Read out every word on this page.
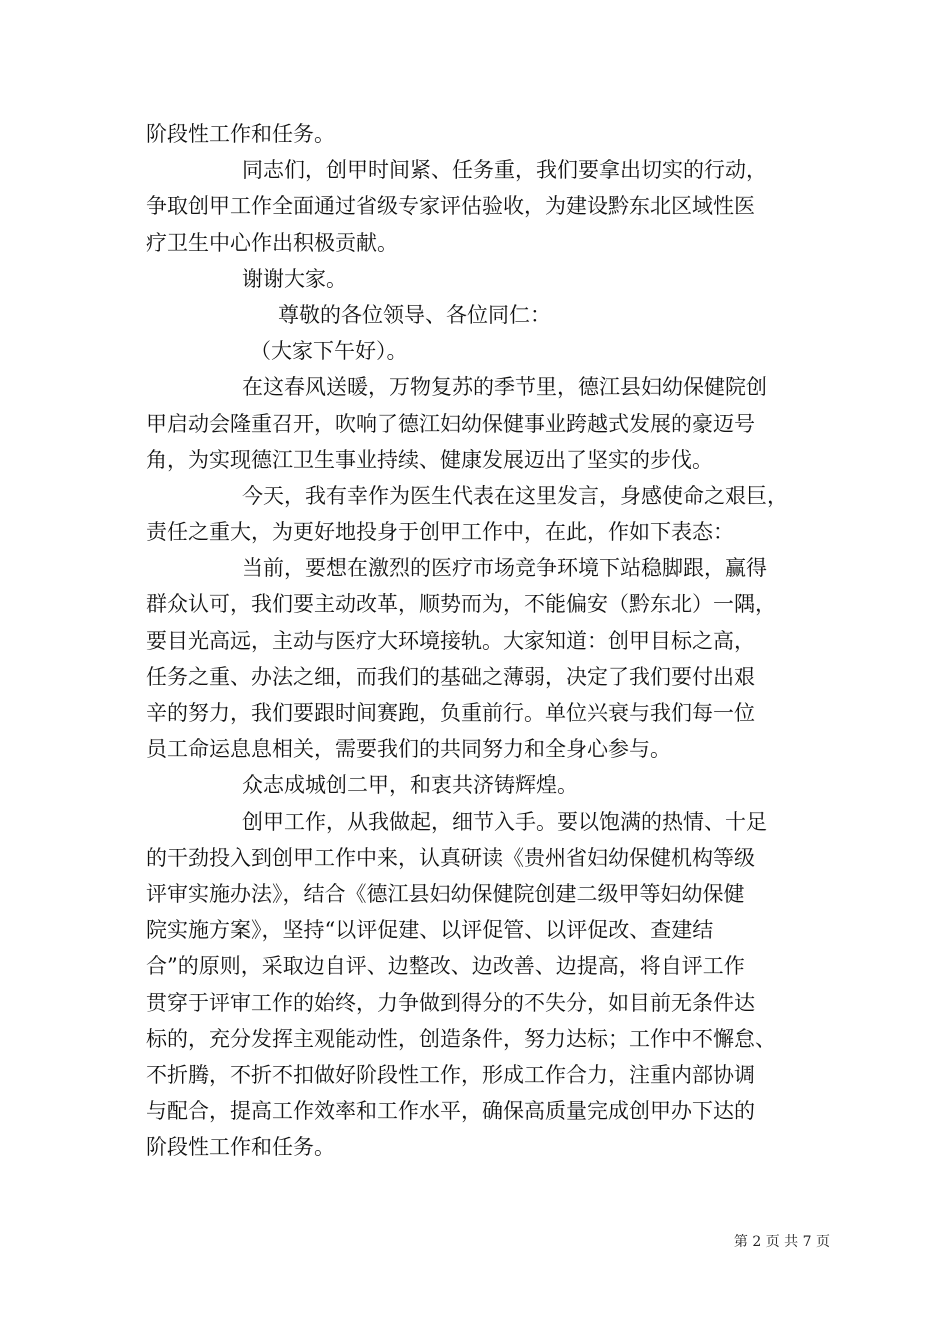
阶段性工作和任务。
同志们，创甲时间紧、任务重，我们要拿出切实的行动，
争取创甲工作全面通过省级专家评估验收，为建设黔东北区域性医
疗卫生中心作出积极贡献。
谢谢大家。
尊敬的各位领导、各位同仁：
（大家下午好）。
在这春风送暖，万物复苏的季节里，德江县妇幼保健院创
甲启动会隆重召开，吹响了德江妇幼保健事业跨越式发展的豪迈号
角，为实现德江卫生事业持续、健康发展迈出了坚实的步伐。
今天，我有幸作为医生代表在这里发言，身感使命之艰巨，
责任之重大，为更好地投身于创甲工作中，在此，作如下表态：
当前，要想在激烈的医疗市场竞争环境下站稳脚跟，赢得
群众认可，我们要主动改革，顺势而为，不能偏安（黔东北）一隅，
要目光高远，主动与医疗大环境接轨。大家知道：创甲目标之高，
任务之重、办法之细，而我们的基础之薄弱，决定了我们要付出艰
辛的努力，我们要跟时间赛跑，负重前行。单位兴衰与我们每一位
员工命运息息相关，需要我们的共同努力和全身心参与。
众志成城创二甲，和衷共济铸辉煌。
创甲工作，从我做起，细节入手。要以饱满的热情、十足
的干劲投入到创甲工作中来，认真研读《贵州省妇幼保健机构等级
评审实施办法》，结合《德江县妇幼保健院创建二级甲等妇幼保健
院实施方案》，坚持“以评促建、以评促管、以评促改、查建结
合”的原则，采取边自评、边整改、边改善、边提高，将自评工作
贯穿于评审工作的始终，力争做到得分的不失分，如目前无条件达
标的，充分发挥主观能动性，创造条件，努力达标；工作中不懈怠、
不折腾，不折不扣做好阶段性工作，形成工作合力，注重内部协调
与配合，提高工作效率和工作水平，确保高质量完成创甲办下达的
阶段性工作和任务。
第 2 页 共 7 页
